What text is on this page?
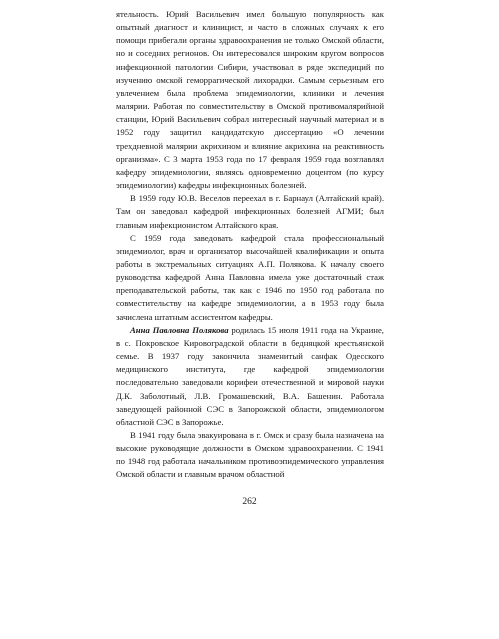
ятельность. Юрий Васильевич имел большую популярность как опытный диагност и клиницист, и часто в сложных случаях к его помощи прибегали органы здравоохранения не только Омской области, но и соседних регионов. Он интересовался широким кругом вопросов инфекционной патологии Сибири, участвовал в ряде экспедиций по изучению омской геморрагической лихорадки. Самым серьезным его увлечением была проблема эпидемиологии, клиники и лечения малярии. Работая по совместительству в Омской противомалярийной станции, Юрий Васильевич собрал интересный научный материал и в 1952 году защитил кандидатскую диссертацию «О лечении трехдневной малярии акрихином и влияние акрихина на реактивность организма». С 3 марта 1953 года по 17 февраля 1959 года возглавлял кафедру эпидемиологии, являясь одновременно доцентом (по курсу эпидемиологии) кафедры инфекционных болезней.

В 1959 году Ю.В. Веселов переехал в г. Барнаул (Алтайский край). Там он заведовал кафедрой инфекционных болезней АГМИ; был главным инфекционистом Алтайского края.

С 1959 года заведовать кафедрой стала профессиональный эпидемиолог, врач и организатор высочайшей квалификации и опыта работы в экстремальных ситуациях А.П. Полякова. К началу своего руководства кафедрой Анна Павловна имела уже достаточный стаж преподавательской работы, так как с 1946 по 1950 год работала по совместительству на кафедре эпидемиологии, а в 1953 году была зачислена штатным ассистентом кафедры.

Анна Павловна Полякова родилась 15 июля 1911 года на Украине, в с. Покровское Кировоградской области в бедняцкой крестьянской семье. В 1937 году закончила знаменитый санфак Одесского медицинского института, где кафедрой эпидемиологии последовательно заведовали корифеи отечественной и мировой науки Д.К. Заболотный, Л.В. Громашевский, В.А. Башенин. Работала заведующей районной СЭС в Запорожской области, эпидемиологом областной СЭС в Запорожье.

В 1941 году была эвакуирована в г. Омск и сразу была назначена на высокие руководящие должности в Омском здравоохранении. С 1941 по 1948 год работала начальником противоэпидемического управления Омской области и главным врачом областной

262
